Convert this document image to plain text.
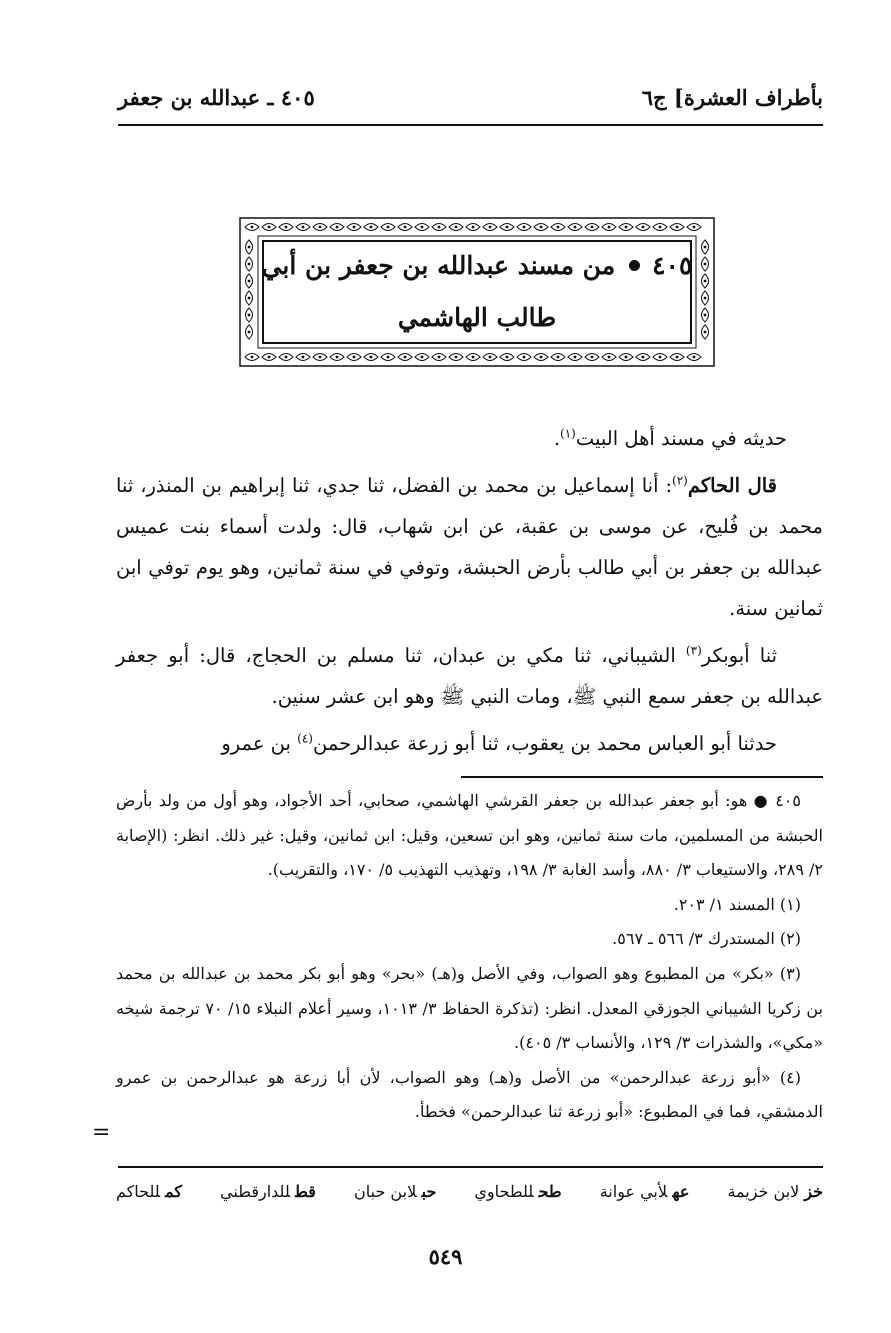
بأطراف العشرة] ج٦
٤٠٥ ـ عبدالله بن جعفر
٤٠٥من مسند عبدالله بن جعفر بن أبي
طالب الهاشمي

حديثه في مسند أهل البيت$^{(١)}$.

قال الحاكم$^{(٢)}$: أنا إسماعيل بن محمد بن الفضل، ثنا جدي، ثنا إبراهيم بن المنذر، ثنا محمد بن فُليح، عن موسى بن عقبة، عن ابن شهاب، قال: ولدت أسماء بنت عميس عبدالله بن جعفر بن أبي طالب بأرض الحبشة، وتوفي في سنة ثمانين، وهو يوم توفي ابن ثمانين سنة.

ثنا أبوبكر$^{(٣)}$ الشيباني، ثنا مكي بن عبدان، ثنا مسلم بن الحجاج، قال: أبو جعفر عبدالله بن جعفر سمع النبي ﷺ، ومات النبي ﷺ وهو ابن عشر سنين.

حدثنا أبو العباس محمد بن يعقوب، ثنا أبو زرعة عبدالرحمن$^{(٤)}$ بن عمرو

٤٠٥ ● هو: أبو جعفر عبدالله بن جعفر القرشي الهاشمي، صحابي، أحد الأجواد، وهو أول من ولد بأرض الحبشة من المسلمين، مات سنة ثمانين، وهو ابن تسعين، وقيل: ابن ثمانين، وقيل: غير ذلك. انظر: (الإصابة ٢/ ٢٨٩، والاستيعاب ٣/ ٨٨٠، وأسد الغابة ٣/ ١٩٨، وتهذيب التهذيب ٥/ ١٧٠، والتقريب).

(١) المسند ١/ ٢٠٣.

(٢) المستدرك ٣/ ٥٦٦ ـ ٥٦٧.

(٣) «بكر» من المطبوع وهو الصواب، وفي الأصل و(هـ) «بحر» وهو أبو بكر محمد بن عبدالله بن محمد بن زكريا الشيباني الجوزقي المعدل. انظر: (تذكرة الحفاظ ٣/ ١٠١٣، وسير أعلام النبلاء ١٥/ ٧٠ ترجمة شيخه «مكي»، والشذرات ٣/ ١٢٩، والأنساب ٣/ ٤٠٥).

(٤) «أبو زرعة عبدالرحمن» من الأصل و(هـ) وهو الصواب، لأن أبا زرعة هو عبدالرحمن بن عمرو الدمشقي، فما في المطبوع: «أبو زرعة ثنا عبدالرحمن» فخطأ.

=
خزلابن خزيمة
عهلأبي عوانة
طحللطحاوي
حبلابن حبان
قطللدارقطني
كمللحاكم
٥٤٩
